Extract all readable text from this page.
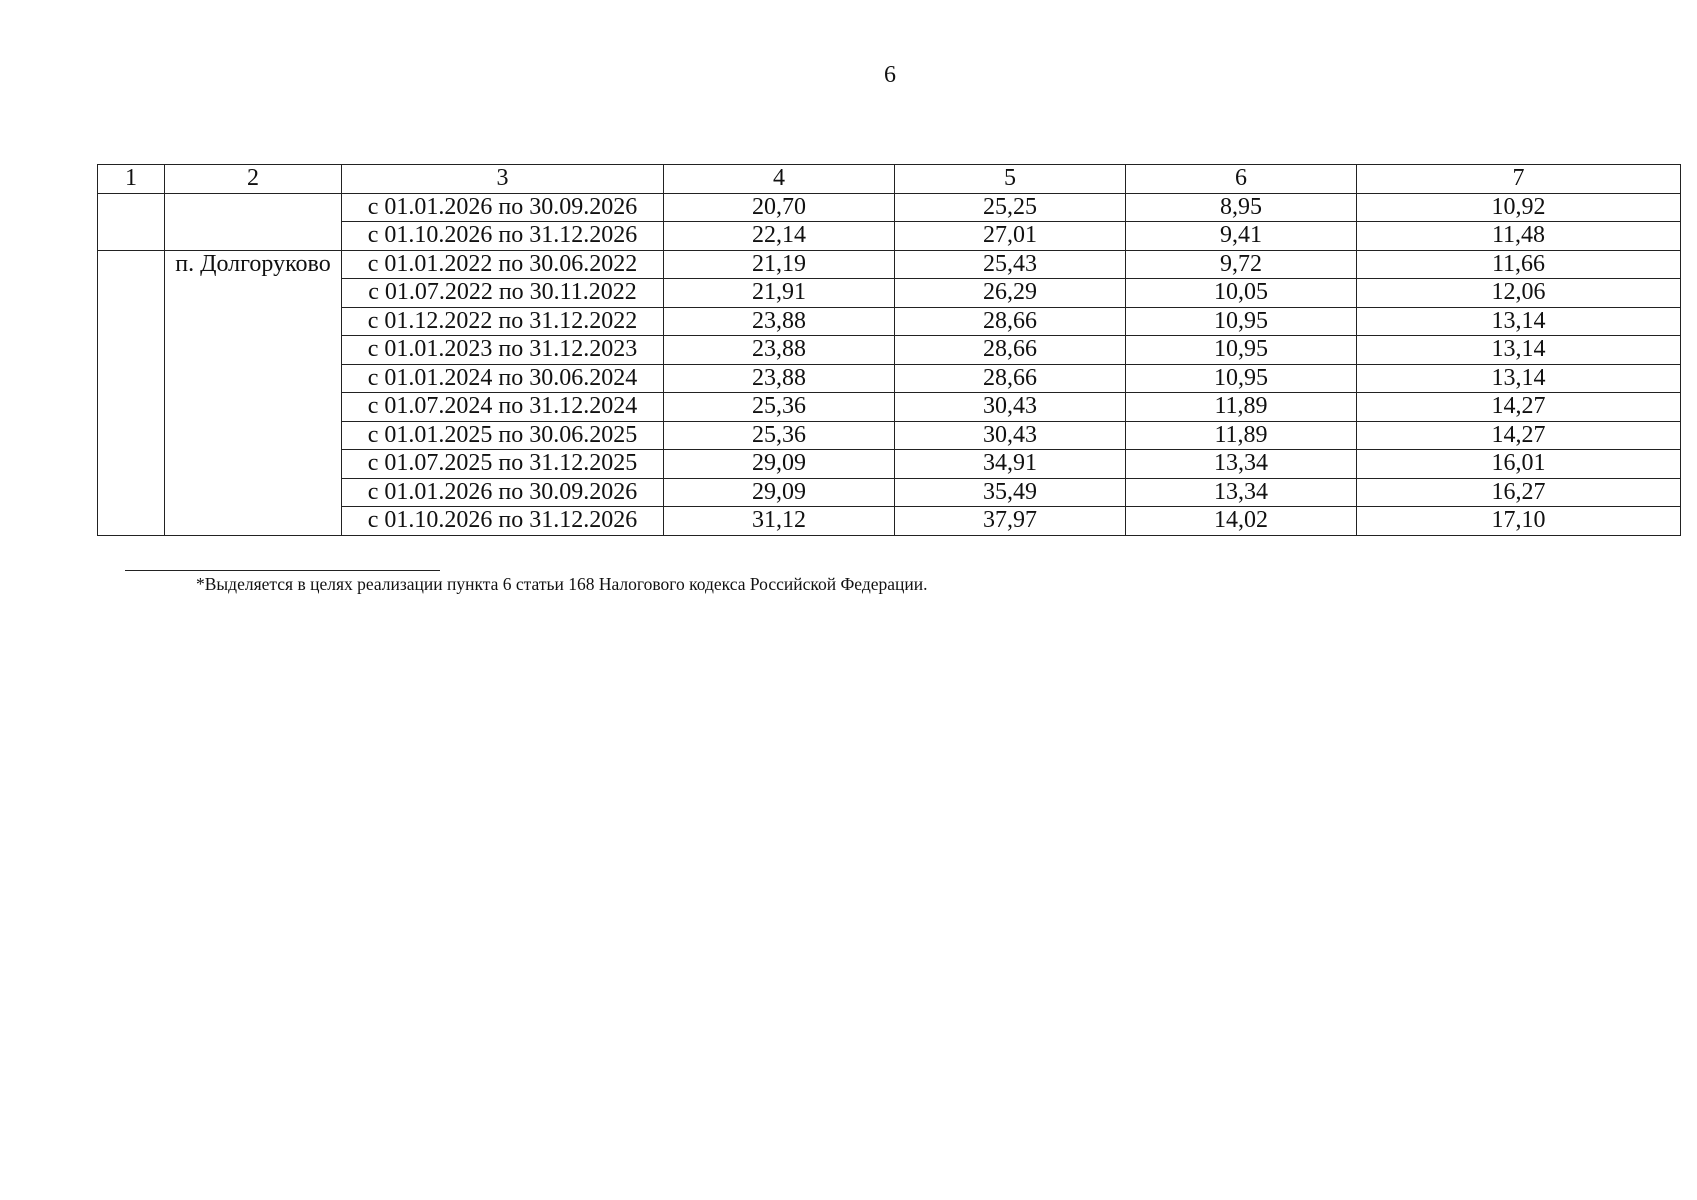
6
1	2	3	4	5	6	7
		с 01.01.2026 по 30.09.2026	20,70	25,25	8,95	10,92
		с 01.10.2026 по 31.12.2026	22,14	27,01	9,41	11,48
	п. Долгоруково	с 01.01.2022 по 30.06.2022	21,19	25,43	9,72	11,66
		с 01.07.2022 по 30.11.2022	21,91	26,29	10,05	12,06
		с 01.12.2022 по 31.12.2022	23,88	28,66	10,95	13,14
		с 01.01.2023 по 31.12.2023	23,88	28,66	10,95	13,14
		с 01.01.2024 по 30.06.2024	23,88	28,66	10,95	13,14
		с 01.07.2024 по 31.12.2024	25,36	30,43	11,89	14,27
		с 01.01.2025 по 30.06.2025	25,36	30,43	11,89	14,27
		с 01.07.2025 по 31.12.2025	29,09	34,91	13,34	16,01
		с 01.01.2026 по 30.09.2026	29,09	35,49	13,34	16,27
		с 01.10.2026 по 31.12.2026	31,12	37,97	14,02	17,10
*Выделяется в целях реализации пункта 6 статьи 168 Налогового кодекса Российской Федерации.
